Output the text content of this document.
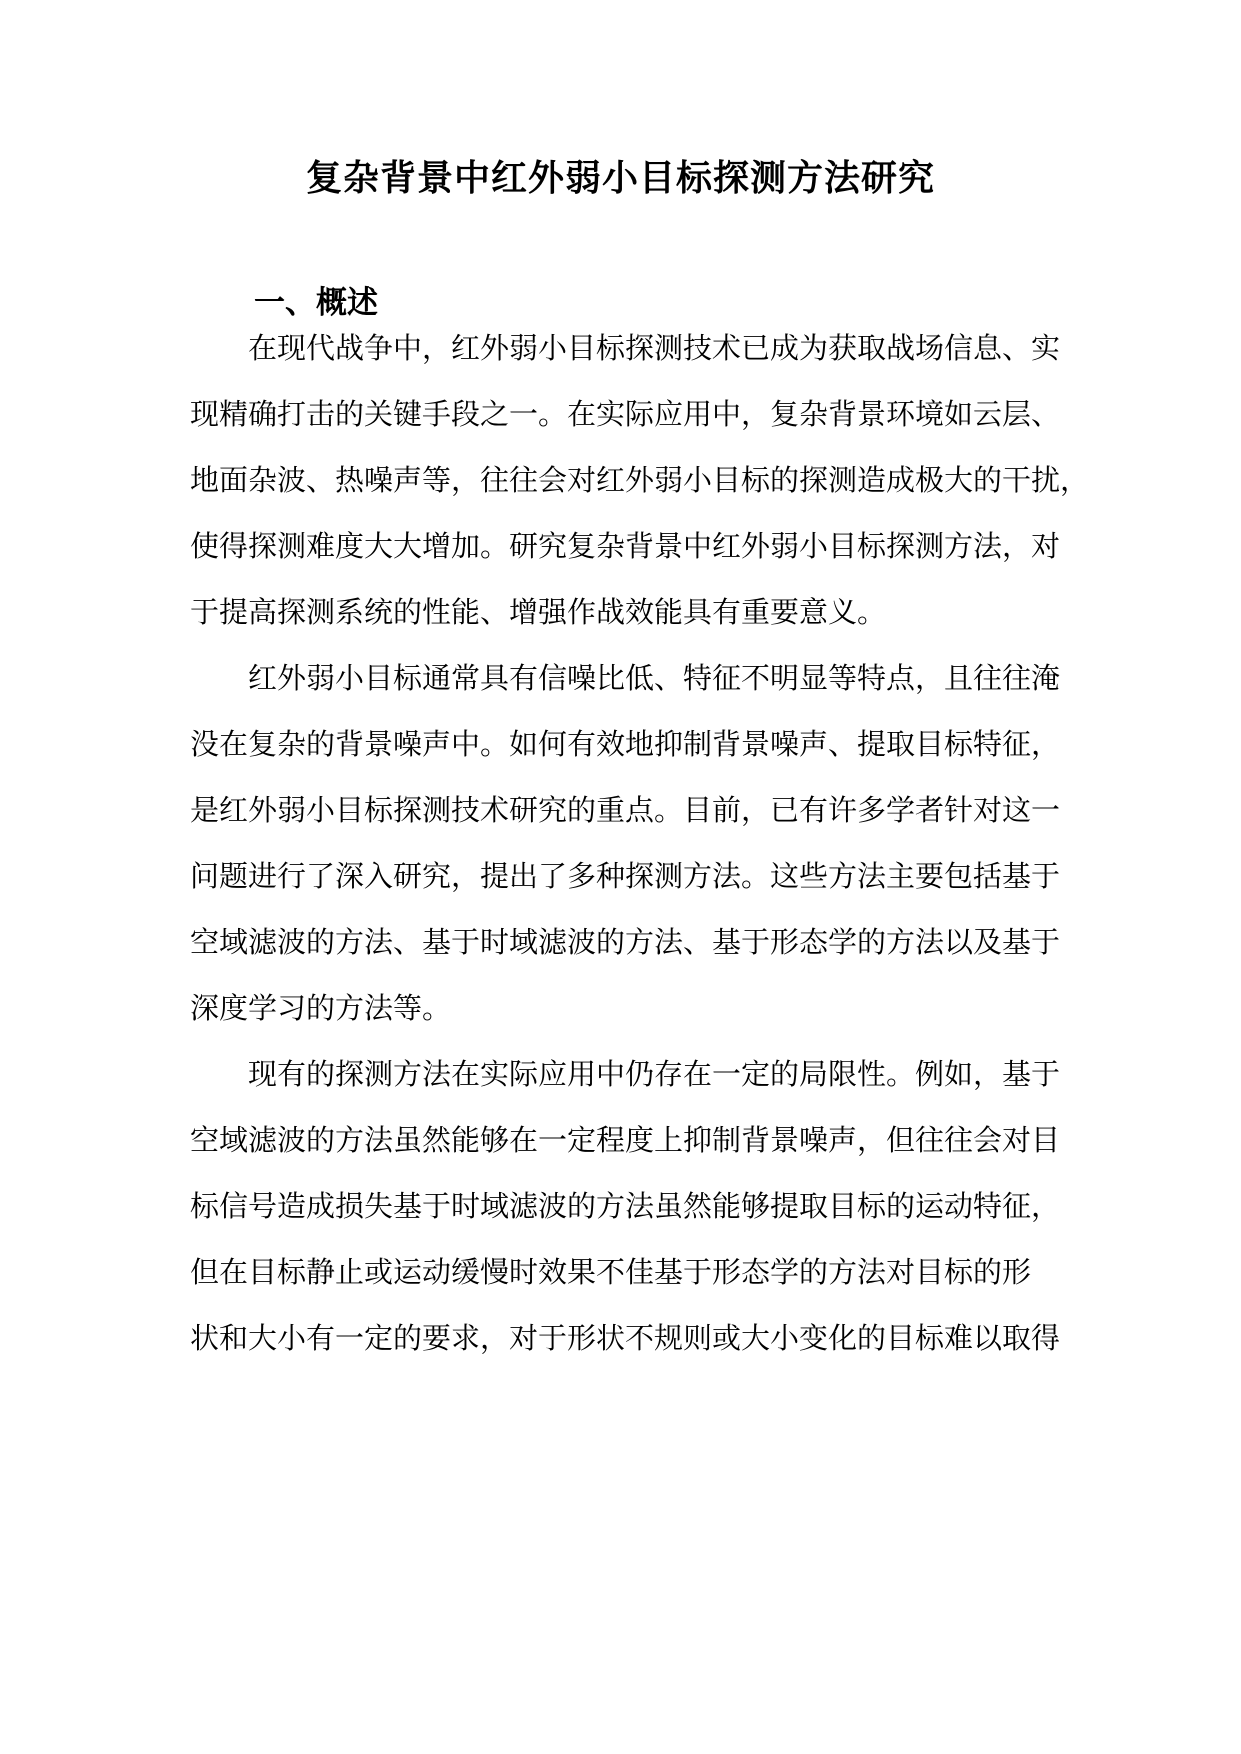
复杂背景中红外弱小目标探测方法研究
一、概述

在现代战争中，红外弱小目标探测技术已成为获取战场信息、实

现精确打击的关键手段之一。在实际应用中，复杂背景环境如云层、

地面杂波、热噪声等，往往会对红外弱小目标的探测造成极大的干扰，

使得探测难度大大增加。研究复杂背景中红外弱小目标探测方法，对

于提高探测系统的性能、增强作战效能具有重要意义。

红外弱小目标通常具有信噪比低、特征不明显等特点，且往往淹

没在复杂的背景噪声中。如何有效地抑制背景噪声、提取目标特征，

是红外弱小目标探测技术研究的重点。目前，已有许多学者针对这一

问题进行了深入研究，提出了多种探测方法。这些方法主要包括基于

空域滤波的方法、基于时域滤波的方法、基于形态学的方法以及基于

深度学习的方法等。

现有的探测方法在实际应用中仍存在一定的局限性。例如，基于

空域滤波的方法虽然能够在一定程度上抑制背景噪声，但往往会对目

标信号造成损失基于时域滤波的方法虽然能够提取目标的运动特征，

但在目标静止或运动缓慢时效果不佳基于形态学的方法对目标的形

状和大小有一定的要求，对于形状不规则或大小变化的目标难以取得
